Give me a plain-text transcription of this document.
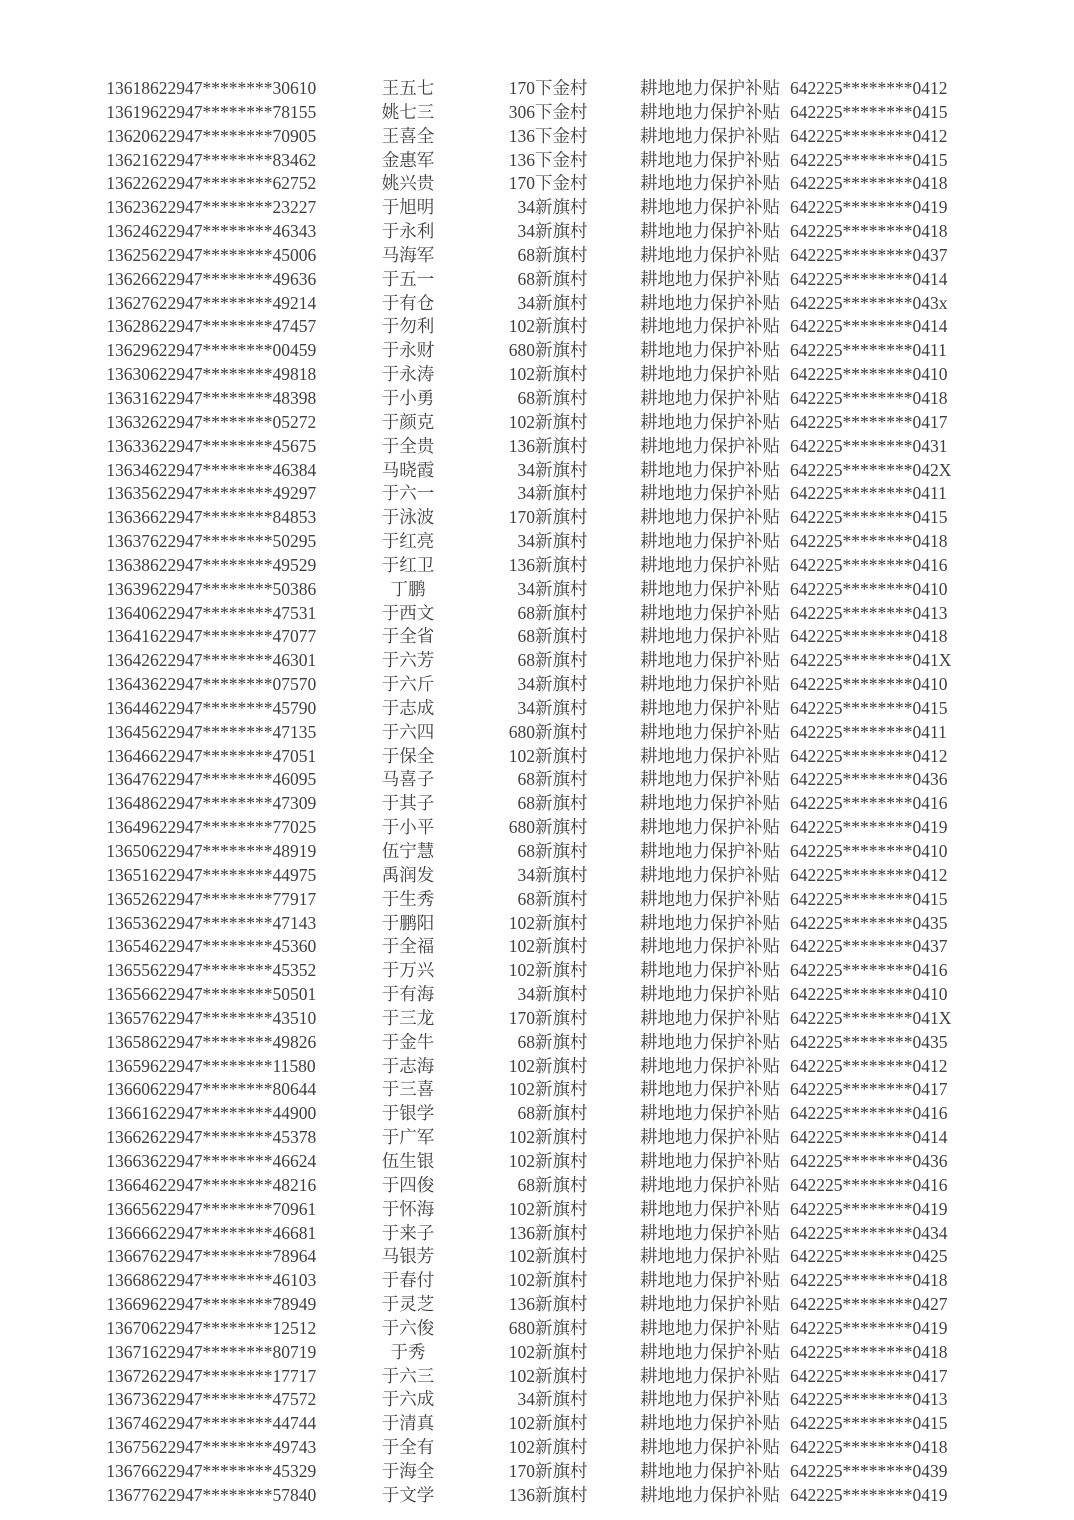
13618	622947********30610	王五七	170	下金村	耕地地力保护补贴	642225********0412
13619	622947********78155	姚七三	306	下金村	耕地地力保护补贴	642225********0415
13620	622947********70905	王喜全	136	下金村	耕地地力保护补贴	642225********0412
13621	622947********83462	金惠军	136	下金村	耕地地力保护补贴	642225********0415
13622	622947********62752	姚兴贵	170	下金村	耕地地力保护补贴	642225********0418
13623	622947********23227	于旭明	34	新旗村	耕地地力保护补贴	642225********0419
13624	622947********46343	于永利	34	新旗村	耕地地力保护补贴	642225********0418
13625	622947********45006	马海军	68	新旗村	耕地地力保护补贴	642225********0437
13626	622947********49636	于五一	68	新旗村	耕地地力保护补贴	642225********0414
13627	622947********49214	于有仓	34	新旗村	耕地地力保护补贴	642225********043x
13628	622947********47457	于勿利	102	新旗村	耕地地力保护补贴	642225********0414
13629	622947********00459	于永财	680	新旗村	耕地地力保护补贴	642225********0411
13630	622947********49818	于永涛	102	新旗村	耕地地力保护补贴	642225********0410
13631	622947********48398	于小勇	68	新旗村	耕地地力保护补贴	642225********0418
13632	622947********05272	于颜克	102	新旗村	耕地地力保护补贴	642225********0417
13633	622947********45675	于全贵	136	新旗村	耕地地力保护补贴	642225********0431
13634	622947********46384	马晓霞	34	新旗村	耕地地力保护补贴	642225********042X
13635	622947********49297	于六一	34	新旗村	耕地地力保护补贴	642225********0411
13636	622947********84853	于泳波	170	新旗村	耕地地力保护补贴	642225********0415
13637	622947********50295	于红亮	34	新旗村	耕地地力保护补贴	642225********0418
13638	622947********49529	于红卫	136	新旗村	耕地地力保护补贴	642225********0416
13639	622947********50386	丁鹏	34	新旗村	耕地地力保护补贴	642225********0410
13640	622947********47531	于西文	68	新旗村	耕地地力保护补贴	642225********0413
13641	622947********47077	于全省	68	新旗村	耕地地力保护补贴	642225********0418
13642	622947********46301	于六芳	68	新旗村	耕地地力保护补贴	642225********041X
13643	622947********07570	于六斤	34	新旗村	耕地地力保护补贴	642225********0410
13644	622947********45790	于志成	34	新旗村	耕地地力保护补贴	642225********0415
13645	622947********47135	于六四	680	新旗村	耕地地力保护补贴	642225********0411
13646	622947********47051	于保全	102	新旗村	耕地地力保护补贴	642225********0412
13647	622947********46095	马喜子	68	新旗村	耕地地力保护补贴	642225********0436
13648	622947********47309	于其子	68	新旗村	耕地地力保护补贴	642225********0416
13649	622947********77025	于小平	680	新旗村	耕地地力保护补贴	642225********0419
13650	622947********48919	伍宁慧	68	新旗村	耕地地力保护补贴	642225********0410
13651	622947********44975	禹润发	34	新旗村	耕地地力保护补贴	642225********0412
13652	622947********77917	于生秀	68	新旗村	耕地地力保护补贴	642225********0415
13653	622947********47143	于鹏阳	102	新旗村	耕地地力保护补贴	642225********0435
13654	622947********45360	于全福	102	新旗村	耕地地力保护补贴	642225********0437
13655	622947********45352	于万兴	102	新旗村	耕地地力保护补贴	642225********0416
13656	622947********50501	于有海	34	新旗村	耕地地力保护补贴	642225********0410
13657	622947********43510	于三龙	170	新旗村	耕地地力保护补贴	642225********041X
13658	622947********49826	于金牛	68	新旗村	耕地地力保护补贴	642225********0435
13659	622947********11580	于志海	102	新旗村	耕地地力保护补贴	642225********0412
13660	622947********80644	于三喜	102	新旗村	耕地地力保护补贴	642225********0417
13661	622947********44900	于银学	68	新旗村	耕地地力保护补贴	642225********0416
13662	622947********45378	于广军	102	新旗村	耕地地力保护补贴	642225********0414
13663	622947********46624	伍生银	102	新旗村	耕地地力保护补贴	642225********0436
13664	622947********48216	于四俊	68	新旗村	耕地地力保护补贴	642225********0416
13665	622947********70961	于怀海	102	新旗村	耕地地力保护补贴	642225********0419
13666	622947********46681	于来子	136	新旗村	耕地地力保护补贴	642225********0434
13667	622947********78964	马银芳	102	新旗村	耕地地力保护补贴	642225********0425
13668	622947********46103	于春付	102	新旗村	耕地地力保护补贴	642225********0418
13669	622947********78949	于灵芝	136	新旗村	耕地地力保护补贴	642225********0427
13670	622947********12512	于六俊	680	新旗村	耕地地力保护补贴	642225********0419
13671	622947********80719	于秀	102	新旗村	耕地地力保护补贴	642225********0418
13672	622947********17717	于六三	102	新旗村	耕地地力保护补贴	642225********0417
13673	622947********47572	于六成	34	新旗村	耕地地力保护补贴	642225********0413
13674	622947********44744	于清真	102	新旗村	耕地地力保护补贴	642225********0415
13675	622947********49743	于全有	102	新旗村	耕地地力保护补贴	642225********0418
13676	622947********45329	于海全	170	新旗村	耕地地力保护补贴	642225********0439
13677	622947********57840	于文学	136	新旗村	耕地地力保护补贴	642225********0419
